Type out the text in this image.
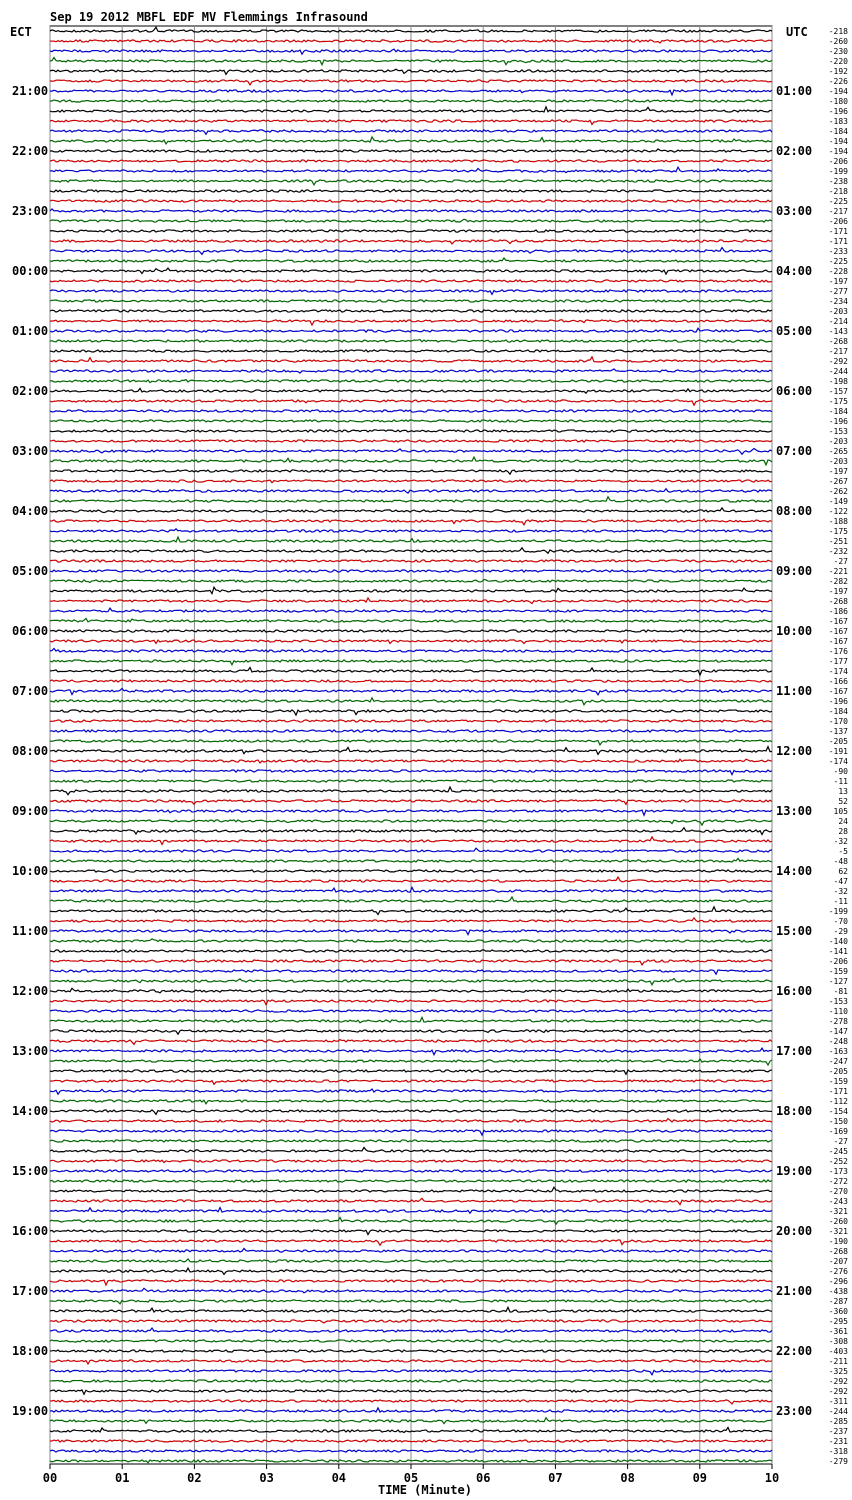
Sep 19 2012 MBFL EDF MV Flemmings Infrasound
ECT	UTC
21:00
22:00
23:00
00:00
01:00
02:00
03:00
04:00
05:00
06:00
07:00
08:00
09:00
10:00
11:00
12:00
13:00
14:00
15:00
16:00
17:00
18:00
19:00
01:00
02:00
03:00
04:00
05:00
06:00
07:00
08:00
09:00
10:00
11:00
12:00
13:00
14:00
15:00
16:00
17:00
18:00
19:00
20:00
21:00
22:00
23:00
-218
-260
-230
-220
-192
-226
-194
-180
-196
-183
-184
-194
-194
-206
-199
-238
-218
-225
-217
-206
-171
-171
-233
-225
-228
-197
-277
-234
-203
-214
-143
-268
-217
-292
-244
-198
-157
-175
-184
-196
-153
-203
-265
-203
-197
-267
-262
-149
-122
-188
-175
-251
-232
-27
-221
-282
-197
-268
-186
-167
-167
-167
-176
-177
-174
-166
-167
-196
-184
-170
-137
-205
-191
-174
-90
-11
13
52
105
24
28
-32
-5
-48
62
-47
-32
-11
-199
-70
-29
-140
-141
-206
-159
-127
-81
-153
-110
-278
-147
-248
-163
-247
-205
-159
-171
-112
-154
-150
-169
-27
-245
-252
-173
-272
-270
-243
-321
-260
-321
-190
-268
-207
-276
-296
-438
-287
-360
-295
-361
-308
-403
-211
-325
-292
-292
-311
-244
-285
-237
-231
-318
-279
00	01	02	03	04	05	06	07	08	09	10
TIME (Minute)
